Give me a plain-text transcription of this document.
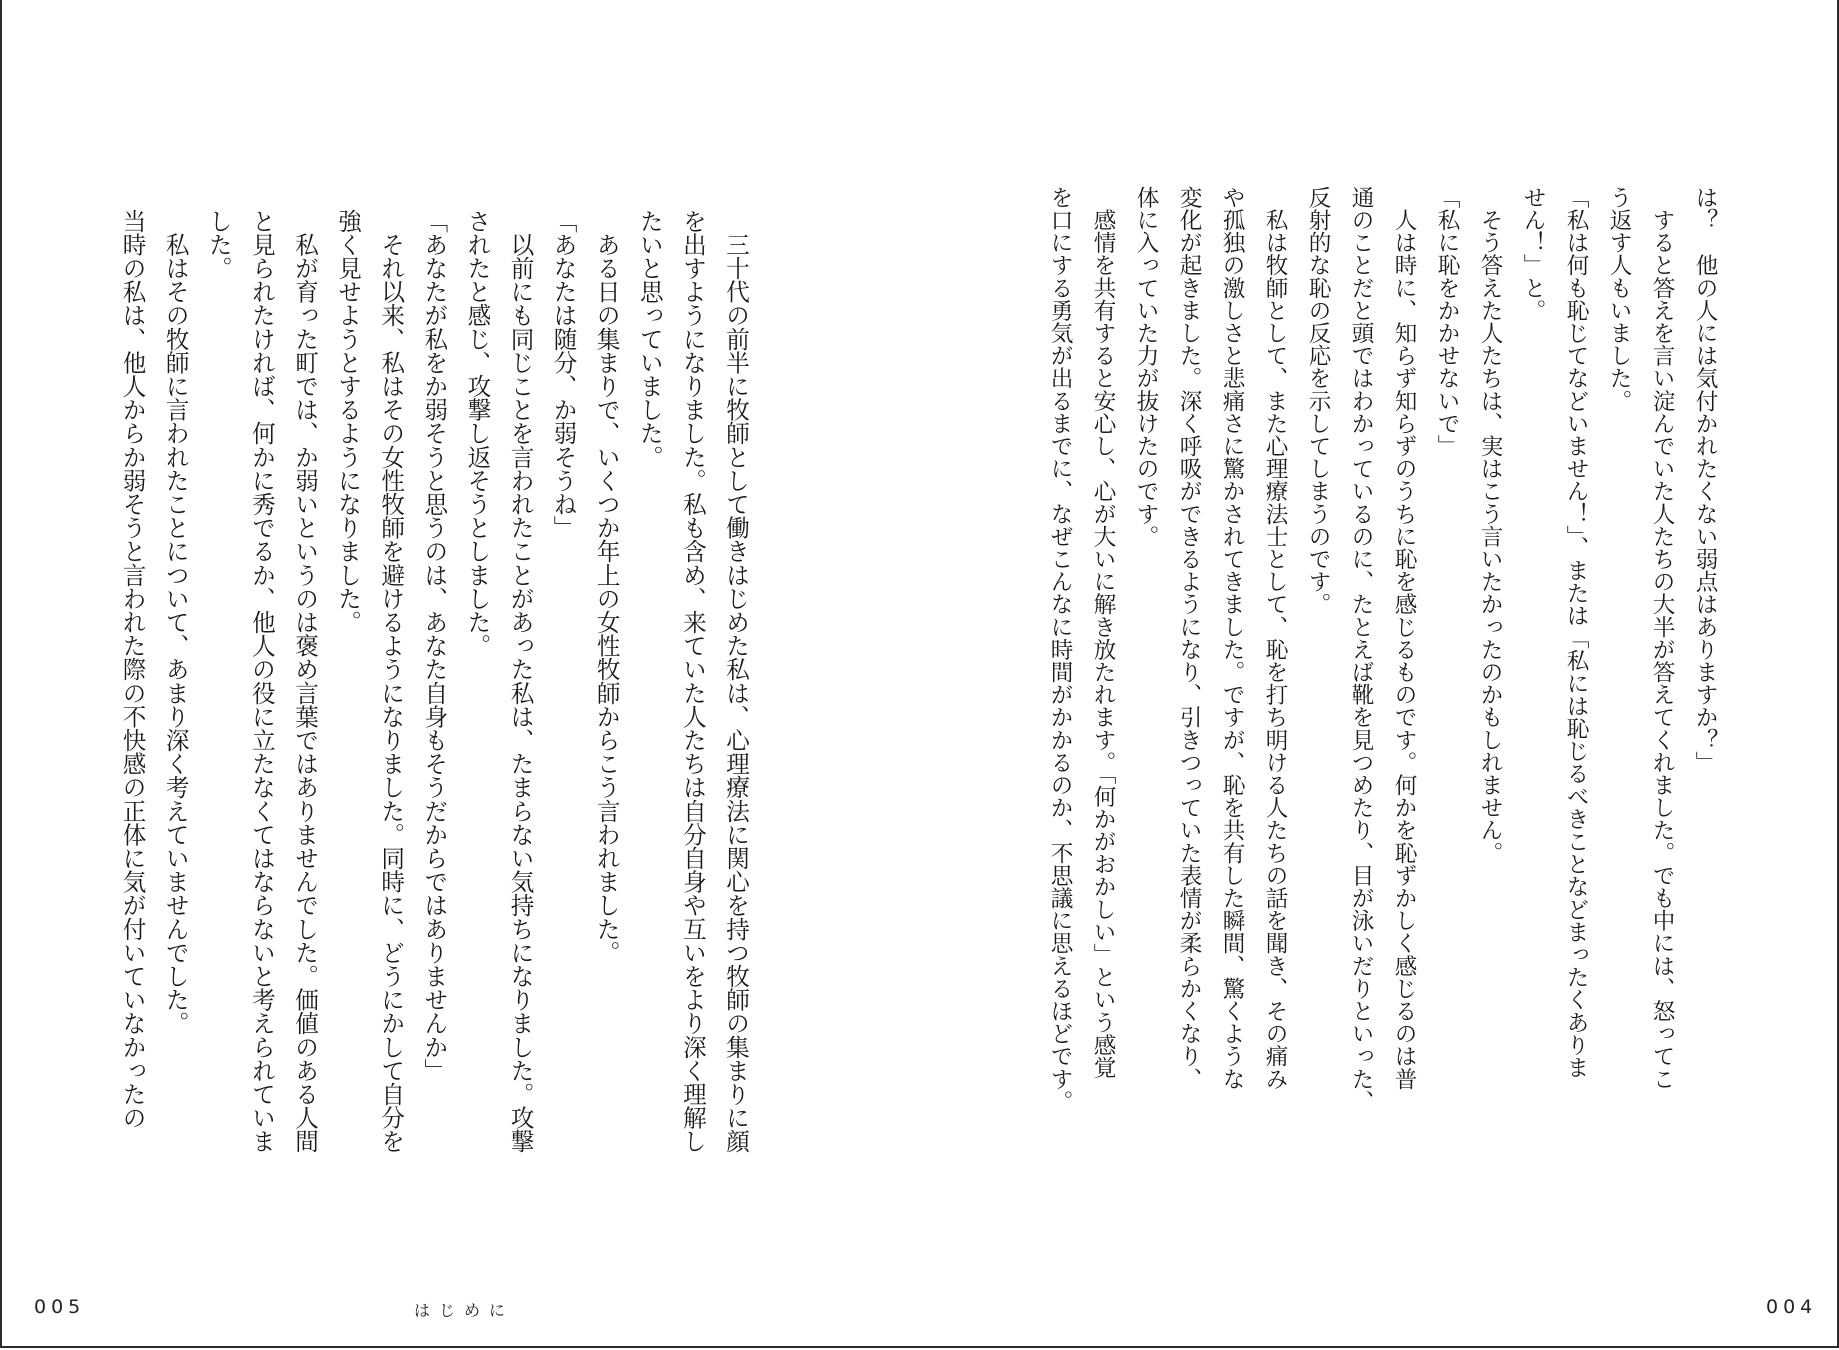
005	はじめに
　三十代の前半に牧師として働きはじめた私は、心理療法に関心を持つ牧師の集まりに顔
を出すようになりました。私も含め、来ていた人たちは自分自身や互いをより深く理解し
たいと思っていました。
　ある日の集まりで、いくつか年上の女性牧師からこう言われました。
「あなたは随分、か弱そうね」
　以前にも同じことを言われたことがあった私は、たまらない気持ちになりました。攻撃
されたと感じ、攻撃し返そうとしました。
「あなたが私をか弱そうと思うのは、あなた自身もそうだからではありませんか」
　それ以来、私はその女性牧師を避けるようになりました。同時に、どうにかして自分を
強く見せようとするようになりました。
　私が育った町では、か弱いというのは褒め言葉ではありませんでした。価値のある人間
と見られたければ、何かに秀でるか、他人の役に立たなくてはならないと考えられていま
した。
　私はその牧師に言われたことについて、あまり深く考えていませんでした。
当時の私は、他人からか弱そうと言われた際の不快感の正体に気が付いていなかったの
004
は？　他の人には気付かれたくない弱点はありますか？」
　すると答えを言い淀んでいた人たちの大半が答えてくれました。でも中には、怒ってこ
う返す人もいました。
「私は何も恥じてなどいません！」、または「私には恥じるべきことなどまったくありま
せん！」と。
　そう答えた人たちは、実はこう言いたかったのかもしれません。
「私に恥をかかせないで」
　人は時に、知らず知らずのうちに恥を感じるものです。何かを恥ずかしく感じるのは普
通のことだと頭ではわかっているのに、たとえば靴を見つめたり、目が泳いだりといった、
反射的な恥の反応を示してしまうのです。
　私は牧師として、また心理療法士として、恥を打ち明ける人たちの話を聞き、その痛み
や孤独の激しさと悲痛さに驚かされてきました。ですが、恥を共有した瞬間、驚くような
変化が起きました。深く呼吸ができるようになり、引きつっていた表情が柔らかくなり、
体に入っていた力が抜けたのです。
　感情を共有すると安心し、心が大いに解き放たれます。「何かがおかしい」という感覚
を口にする勇気が出るまでに、なぜこんなに時間がかかるのか、不思議に思えるほどです。
